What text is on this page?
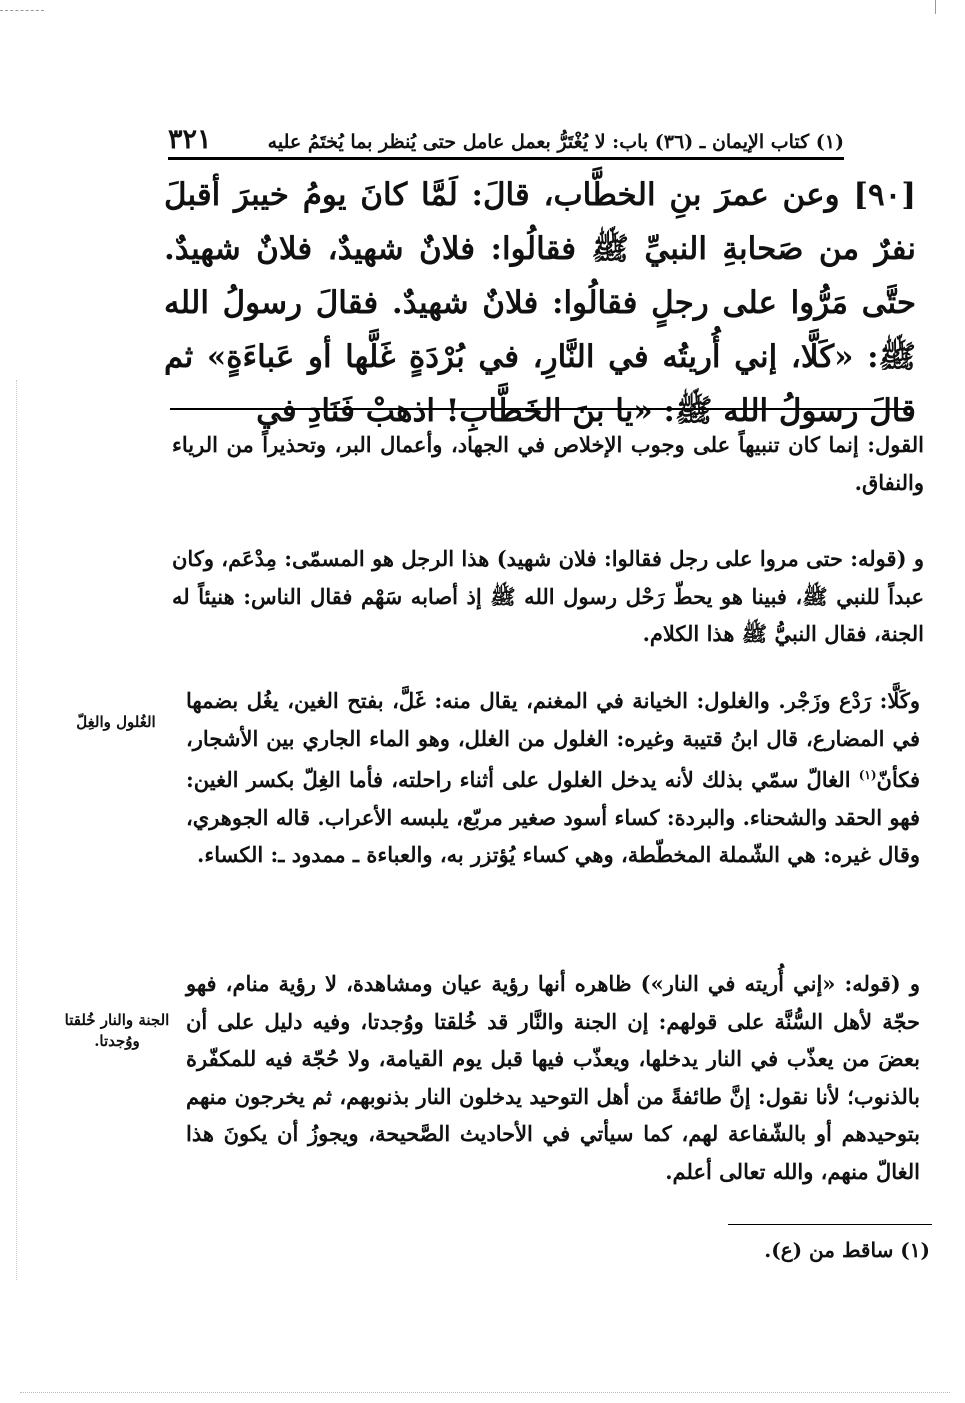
(١) كتاب الإيمان ـ (٣٦) باب: لا يُغْتَرُّ بعمل عامل حتى يُنظر بما يُختَمُ عليه
٣٢١
[٩٠] وعن عمرَ بنِ الخطَّاب، قالَ: لَمَّا كانَ يومُ خيبرَ أقبلَ نفرٌ من صَحابةِ النبيِّ ﷺ فقالُوا: فلانٌ شهيدٌ، فلانٌ شهيدٌ. حتَّى مَرُّوا على رجلٍ فقالُوا: فلانٌ شهيدٌ. فقالَ رسولُ الله ﷺ: «كَلَّا، إني أُريتُه في النَّارِ، في بُرْدَةٍ غَلَّها أو عَباءَةٍ» ثم قالَ رسولُ الله ﷺ: «يا بنَ الخَطَّابِ! اذهبْ فَنَادِ في
القول: إنما كان تنبيهاً على وجوب الإخلاص في الجهاد، وأعمال البر، وتحذيراً من الرياء والنفاق.
و (قوله: حتى مروا على رجل فقالوا: فلان شهيد) هذا الرجل هو المسمّى: مِدْعَم، وكان عبداً للنبي ﷺ، فبينا هو يحطّ رَحْل رسول الله ﷺ إذ أصابه سَهْم فقال الناس: هنيئاً له الجنة، فقال النبيُّ ﷺ هذا الكلام.
وكَلَّا: رَدْع وزَجْر. والغلول: الخيانة في المغنم، يقال منه: غَلَّ، بفتح الغين، يغُل بضمها في المضارع، قال ابنُ قتيبة وغيره: الغلول من الغلل، وهو الماء الجاري بين الأشجار، فكأنّ$^{(١)}$ الغالّ سمّي بذلك لأنه يدخل الغلول على أثناء راحلته، فأما الغِلّ بكسر الغين: فهو الحقد والشحناء. والبردة: كساء أسود صغير مربّع، يلبسه الأعراب. قاله الجوهري، وقال غيره: هي الشّملة المخطّطة، وهي كساء يُؤتزر به، والعباءة ـ ممدود ـ: الكساء.
و (قوله: «إني أُريته في النار») ظاهره أنها رؤية عيان ومشاهدة، لا رؤية منام، فهو حجّة لأهل السُّنَّة على قولهم: إن الجنة والنَّار قد خُلقتا ووُجدتا، وفيه دليل على أن بعضَ من يعذّب في النار يدخلها، ويعذّب فيها قبل يوم القيامة، ولا حُجّة فيه للمكفّرة بالذنوب؛ لأنا نقول: إنَّ طائفةً من أهل التوحيد يدخلون النار بذنوبهم، ثم يخرجون منهم بتوحيدهم أو بالشّفاعة لهم، كما سيأتي في الأحاديث الصَّحيحة، ويجوزُ أن يكونَ هذا الغالّ منهم، والله تعالى أعلم.
الغُلول والغِلّ
الجنة والنار خُلقتا ووُجدتا.
(١) ساقط من (ع).
